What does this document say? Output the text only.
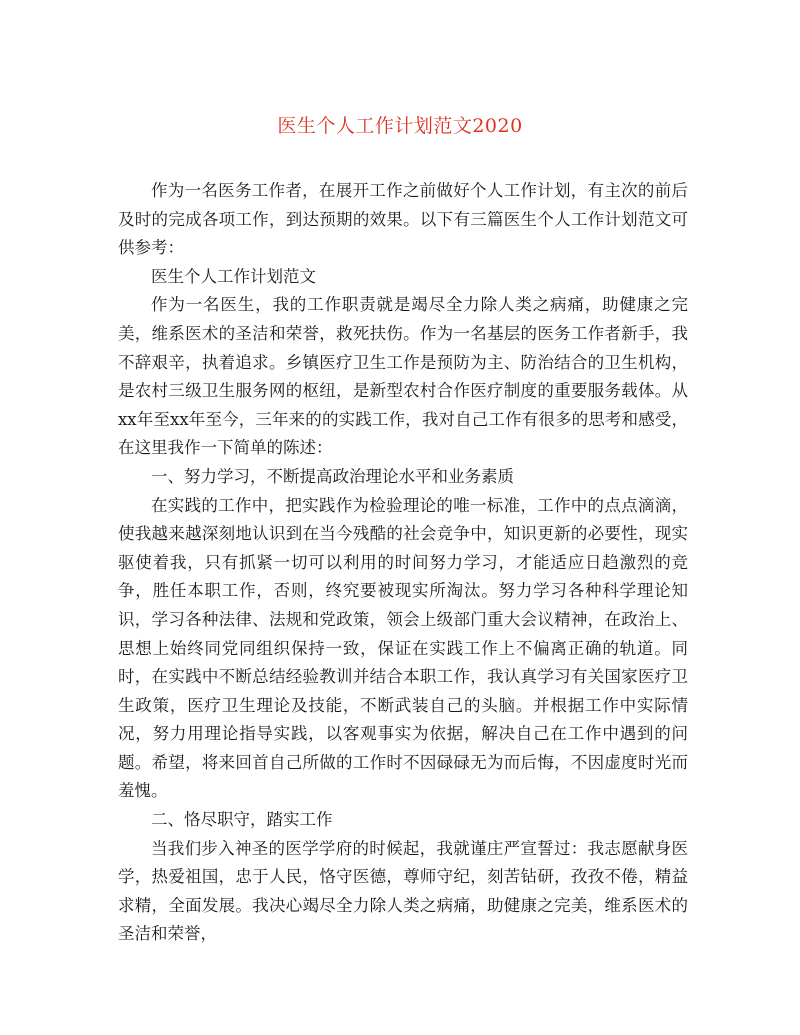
医生个人工作计划范文2020

作为一名医务工作者，在展开工作之前做好个人工作计划，有主次的前后及时的完成各项工作，到达预期的效果。以下有三篇医生个人工作计划范文可供参考：

医生个人工作计划范文

作为一名医生，我的工作职责就是竭尽全力除人类之病痛，助健康之完美，维系医术的圣洁和荣誉，救死扶伤。作为一名基层的医务工作者新手，我不辞艰辛，执着追求。乡镇医疗卫生工作是预防为主、防治结合的卫生机构，是农村三级卫生服务网的枢纽，是新型农村合作医疗制度的重要服务载体。从xx年至xx年至今，三年来的的实践工作，我对自己工作有很多的思考和感受，在这里我作一下简单的陈述：

一、努力学习，不断提高政治理论水平和业务素质

在实践的工作中，把实践作为检验理论的唯一标准，工作中的点点滴滴，使我越来越深刻地认识到在当今残酷的社会竞争中，知识更新的必要性，现实驱使着我，只有抓紧一切可以利用的时间努力学习，才能适应日趋激烈的竞争，胜任本职工作，否则，终究要被现实所淘汰。努力学习各种科学理论知识，学习各种法律、法规和党政策，领会上级部门重大会议精神，在政治上、思想上始终同党同组织保持一致，保证在实践工作上不偏离正确的轨道。同时，在实践中不断总结经验教训并结合本职工作，我认真学习有关国家医疗卫生政策，医疗卫生理论及技能，不断武装自己的头脑。并根据工作中实际情况，努力用理论指导实践，以客观事实为依据，解决自己在工作中遇到的问题。希望，将来回首自己所做的工作时不因碌碌无为而后悔，不因虚度时光而羞愧。

二、恪尽职守，踏实工作

当我们步入神圣的医学学府的时候起，我就谨庄严宣誓过：我志愿献身医学，热爱祖国，忠于人民，恪守医德，尊师守纪，刻苦钻研，孜孜不倦，精益求精，全面发展。我决心竭尽全力除人类之病痛，助健康之完美，维系医术的圣洁和荣誉，
